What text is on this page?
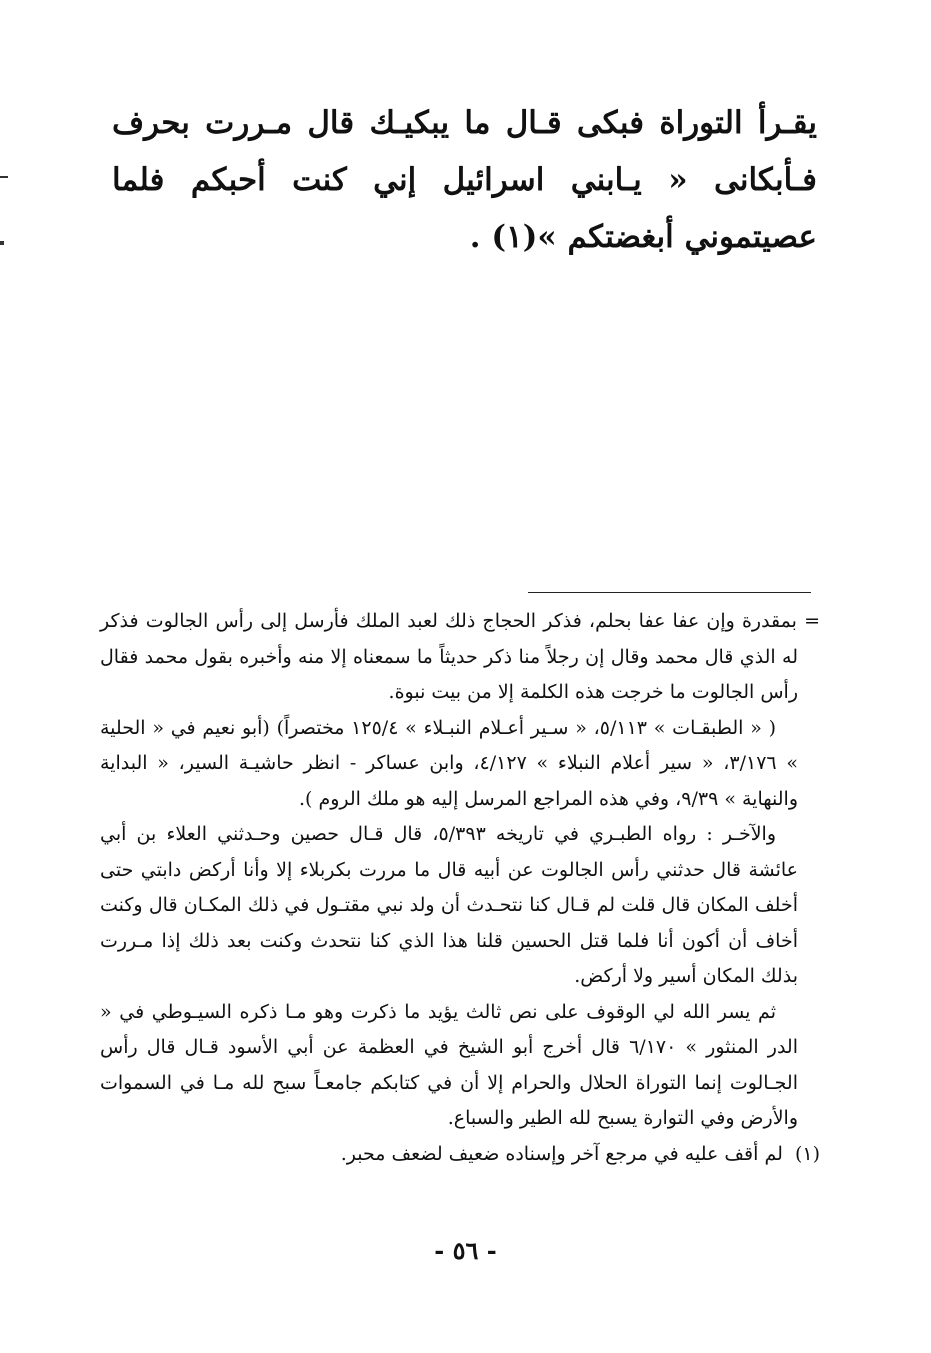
يقـرأ التوراة فبكى قـال ما يبكيـك قال مـررت بحرف فـأبكانى « يـابني اسرائيل إني كنت أحبكم فلما عصيتموني أبغضتكم »(١) .

= بمقدرة وإن عفا عفا بحلم، فذكر الحجاج ذلك لعبد الملك فأرسل إلى رأس الجالوت فذكر له الذي قال محمد وقال إن رجلاً منا ذكر حديثاً ما سمعناه إلا منه وأخبره بقول محمد فقال رأس الجالوت ما خرجت هذه الكلمة إلا من بيت نبوة.

( « الطبقـات » ٥/١١٣، « سـير أعـلام النبـلاء » ١٢٥/٤ مختصراً) (أبو نعيم في « الحلية » ٣/١٧٦، « سير أعلام النبلاء » ٤/١٢٧، وابن عساكر - انظر حاشيـة السير، « البداية والنهاية » ٩/٣٩، وفي هذه المراجع المرسل إليه هو ملك الروم ).

والآخـر : رواه الطبـري في تاريخه ٥/٣٩٣، قال قـال حصين وحـدثني العلاء بن أبي عائشة قال حدثني رأس الجالوت عن أبيه قال ما مررت بكربلاء إلا وأنا أركض دابتي حتى أخلف المكان قال قلت لم قـال كنا نتحـدث أن ولد نبي مقتـول في ذلك المكـان قال وكنت أخاف أن أكون أنا فلما قتل الحسين قلنا هذا الذي كنا نتحدث وكنت بعد ذلك إذا مـررت بذلك المكان أسير ولا أركض.

ثم يسر الله لي الوقوف على نص ثالث يؤيد ما ذكرت وهو مـا ذكره السيـوطي في « الدر المنثور » ٦/١٧٠ قال أخرج أبو الشيخ في العظمة عن أبي الأسود قـال قال رأس الجـالوت إنما التوراة الحلال والحرام إلا أن في كتابكم جامعـاً سبح لله مـا في السموات والأرض وفي التوارة يسبح لله الطير والسباع.

(١) لم أقف عليه في مرجع آخر وإسناده ضعيف لضعف محبر.

- ٥٦ -
